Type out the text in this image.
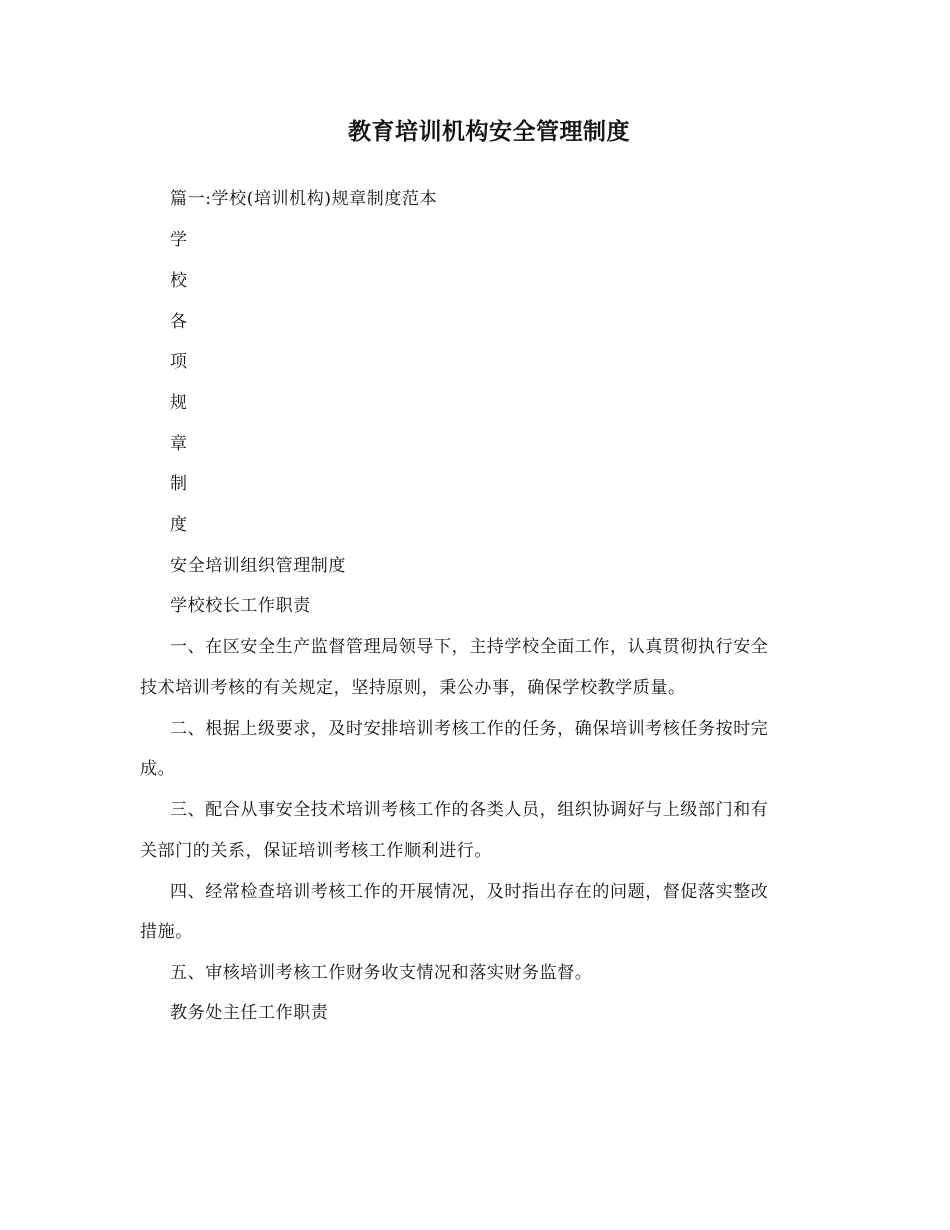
教育培训机构安全管理制度
篇一:学校(培训机构)规章制度范本
学
校
各
项
规
章
制
度
安全培训组织管理制度
学校校长工作职责
一、在区安全生产监督管理局领导下，主持学校全面工作，认真贯彻执行安全
技术培训考核的有关规定，坚持原则，秉公办事，确保学校教学质量。
二、根据上级要求，及时安排培训考核工作的任务，确保培训考核任务按时完
成。
三、配合从事安全技术培训考核工作的各类人员，组织协调好与上级部门和有
关部门的关系，保证培训考核工作顺利进行。
四、经常检查培训考核工作的开展情况，及时指出存在的问题，督促落实整改
措施。
五、审核培训考核工作财务收支情况和落实财务监督。
教务处主任工作职责
